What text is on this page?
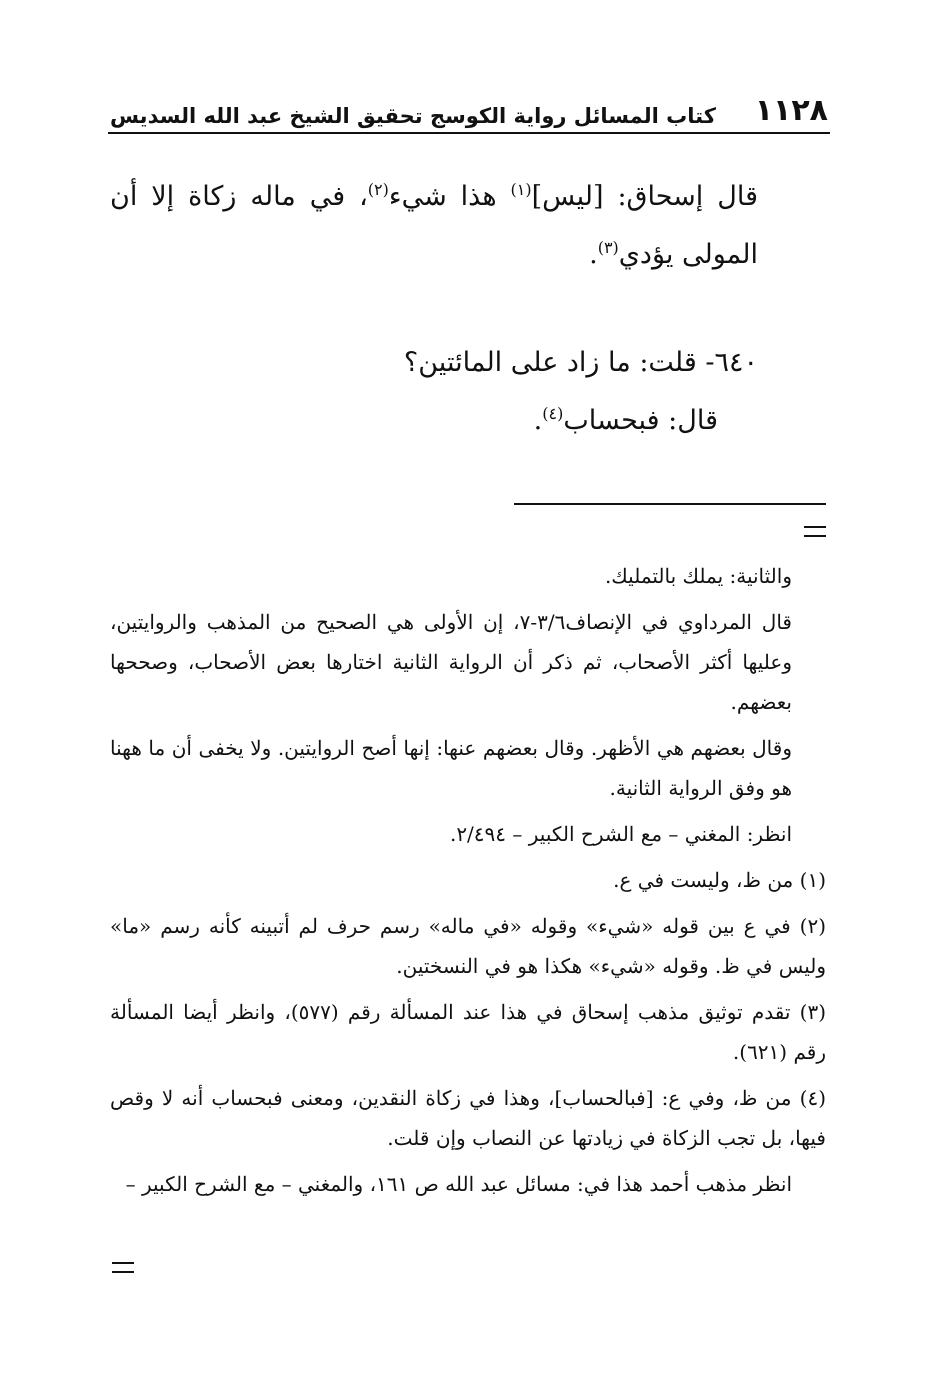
١١٢٨
كتاب المسائل رواية الكوسج تحقيق الشيخ عبد الله السديس

قال إسحاق: [ليس]$^{(١)}$ هذا شيء$^{(٢)}$، في ماله زكاة إلا أن المولى يؤدي$^{(٣)}$.

٦٤٠- قلت: ما زاد على المائتين؟

قال: فبحساب$^{(٤)}$.

والثانية: يملك بالتمليك.

قال المرداوي في الإنصاف٣/٦-٧، إن الأولى هي الصحيح من المذهب والروايتين، وعليها أكثر الأصحاب، ثم ذكر أن الرواية الثانية اختارها بعض الأصحاب، وصححها بعضهم.

وقال بعضهم هي الأظهر. وقال بعضهم عنها: إنها أصح الروايتين. ولا يخفى أن ما ههنا هو وفق الرواية الثانية.

انظر: المغني – مع الشرح الكبير – ٢/٤٩٤.

(١) من ظ، وليست في ع.

(٢) في ع بين قوله «شيء» وقوله «في ماله» رسم حرف لم أتبينه كأنه رسم «ما» وليس في ظ. وقوله «شيء» هكذا هو في النسختين.

(٣) تقدم توثيق مذهب إسحاق في هذا عند المسألة رقم (٥٧٧)، وانظر أيضا المسألة رقم (٦٢١).

(٤) من ظ، وفي ع: [فبالحساب]، وهذا في زكاة النقدين، ومعنى فبحساب أنه لا وقص فيها، بل تجب الزكاة في زيادتها عن النصاب وإن قلت.

انظر مذهب أحمد هذا في: مسائل عبد الله ص ١٦١، والمغني – مع الشرح الكبير –
